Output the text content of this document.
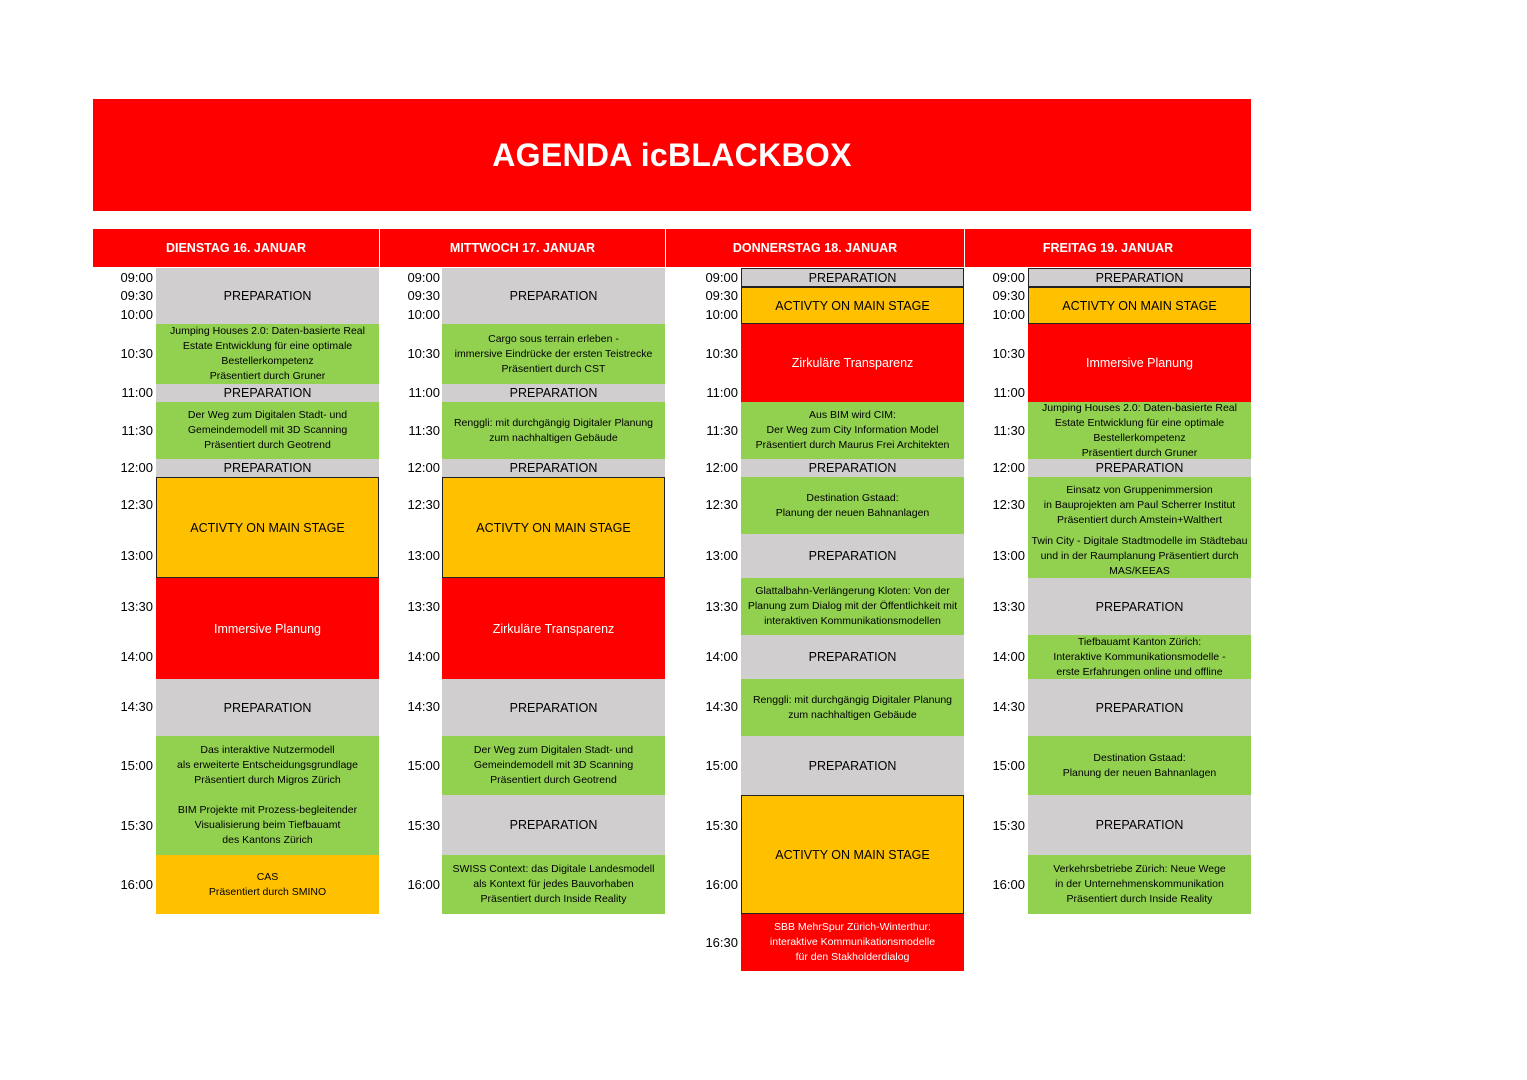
AGENDA icBLACKBOX
DIENSTAG 16. JANUAR
09:00
09:30
10:00
10:30
11:00
11:30
12:00
12:30
13:00
13:30
14:00
14:30
15:00
15:30
16:00
PREPARATION
Jumping Houses 2.0: Daten-basierte Real
Estate Entwicklung für eine optimale
Bestellerkompetenz
Präsentiert durch Gruner
PREPARATION
Der Weg zum Digitalen Stadt- und
Gemeindemodell mit 3D Scanning
Präsentiert durch Geotrend
PREPARATION
ACTIVTY ON MAIN STAGE
Immersive Planung
PREPARATION
Das interaktive Nutzermodell
als erweiterte Entscheidungsgrundlage
Präsentiert durch Migros Zürich
BIM Projekte mit Prozess-begleitender
Visualisierung beim Tiefbauamt
des Kantons Zürich
CAS
Präsentiert durch SMINO
MITTWOCH 17. JANUAR
09:00
09:30
10:00
10:30
11:00
11:30
12:00
12:30
13:00
13:30
14:00
14:30
15:00
15:30
16:00
PREPARATION
Cargo sous terrain erleben -
immersive Eindrücke der ersten Teistrecke
Präsentiert durch CST
PREPARATION
Renggli: mit durchgängig Digitaler Planung
zum nachhaltigen Gebäude
PREPARATION
ACTIVTY ON MAIN STAGE
Zirkuläre Transparenz
PREPARATION
Der Weg zum Digitalen Stadt- und
Gemeindemodell mit 3D Scanning
Präsentiert durch Geotrend
PREPARATION
SWISS Context: das Digitale Landesmodell
als Kontext für jedes Bauvorhaben
Präsentiert durch Inside Reality
DONNERSTAG 18. JANUAR
09:00
09:30
10:00
10:30
11:00
11:30
12:00
12:30
13:00
13:30
14:00
14:30
15:00
15:30
16:00
16:30
PREPARATION
ACTIVTY ON MAIN STAGE
Zirkuläre Transparenz
Aus BIM wird CIM:
Der Weg zum City Information Model
Präsentiert durch Maurus Frei Architekten
PREPARATION
Destination Gstaad:
Planung der neuen Bahnanlagen
PREPARATION
Glattalbahn-Verlängerung Kloten: Von der
Planung zum Dialog mit der Öffentlichkeit mit
interaktiven Kommunikationsmodellen
PREPARATION
Renggli: mit durchgängig Digitaler Planung
zum nachhaltigen Gebäude
PREPARATION
ACTIVTY ON MAIN STAGE
SBB MehrSpur Zürich-Winterthur:
interaktive Kommunikationsmodelle
für den Stakholderdialog
FREITAG 19. JANUAR
09:00
09:30
10:00
10:30
11:00
11:30
12:00
12:30
13:00
13:30
14:00
14:30
15:00
15:30
16:00
PREPARATION
ACTIVTY ON MAIN STAGE
Immersive Planung
Jumping Houses 2.0: Daten-basierte Real
Estate Entwicklung für eine optimale
Bestellerkompetenz
Präsentiert durch Gruner
PREPARATION
Einsatz von Gruppenimmersion
in Bauprojekten am Paul Scherrer Institut
Präsentiert durch Amstein+Walthert
Twin City - Digitale Stadtmodelle im Städtebau
und in der Raumplanung Präsentiert durch
MAS/KEEAS
PREPARATION
Tiefbauamt Kanton Zürich:
Interaktive Kommunikationsmodelle -
erste Erfahrungen online und offline
PREPARATION
Destination Gstaad:
Planung der neuen Bahnanlagen
PREPARATION
Verkehrsbetriebe Zürich: Neue Wege
in der Unternehmenskommunikation
Präsentiert durch Inside Reality
